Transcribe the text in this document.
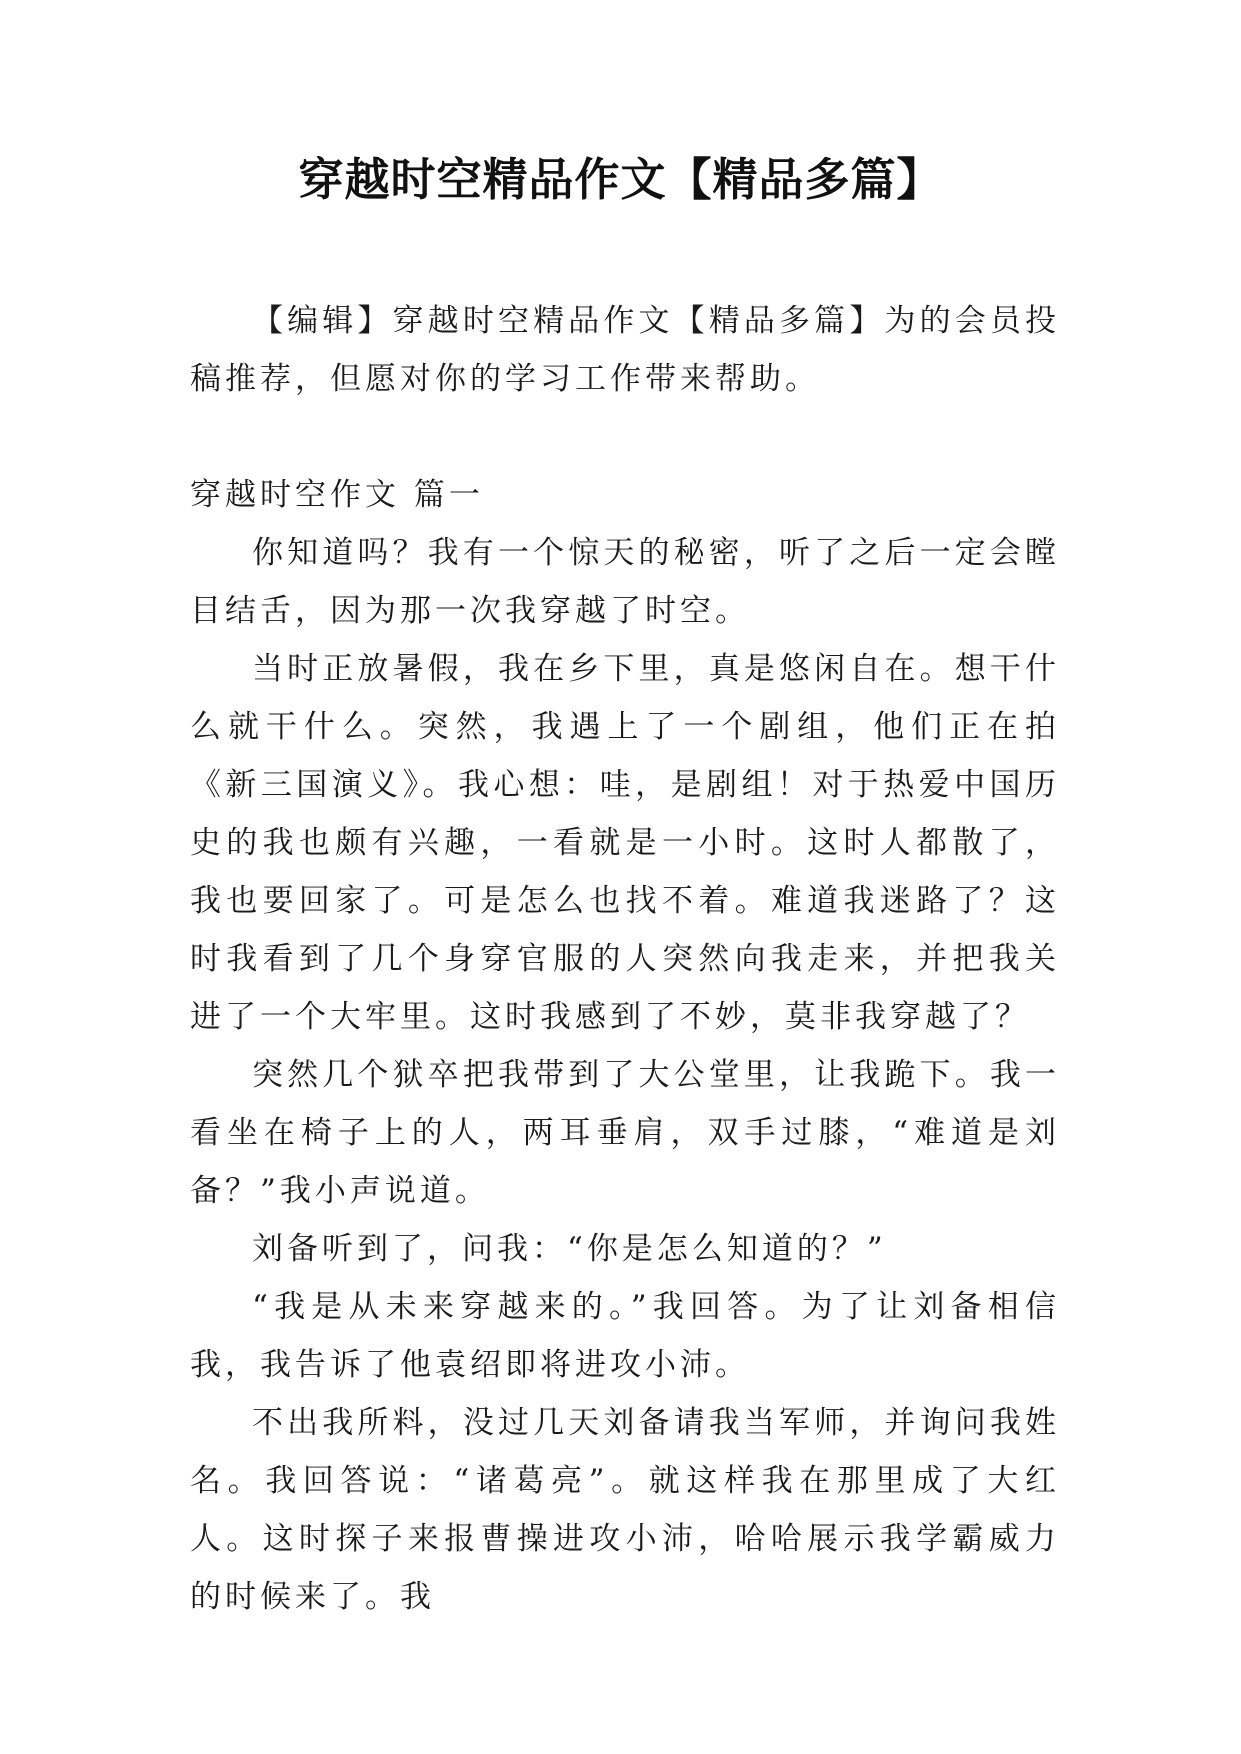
穿越时空精品作文【精品多篇】

【编辑】穿越时空精品作文【精品多篇】为的会员投稿推荐，但愿对你的学习工作带来帮助。

穿越时空作文 篇一

你知道吗？我有一个惊天的秘密，听了之后一定会瞠目结舌，因为那一次我穿越了时空。

当时正放暑假，我在乡下里，真是悠闲自在。想干什么就干什么。突然，我遇上了一个剧组，他们正在拍《新三国演义》。我心想：哇，是剧组！对于热爱中国历史的我也颇有兴趣，一看就是一小时。这时人都散了，我也要回家了。可是怎么也找不着。难道我迷路了？这时我看到了几个身穿官服的人突然向我走来，并把我关进了一个大牢里。这时我感到了不妙，莫非我穿越了？

突然几个狱卒把我带到了大公堂里，让我跪下。我一看坐在椅子上的人，两耳垂肩，双手过膝，“难道是刘备？”我小声说道。

刘备听到了，问我：“你是怎么知道的？”

“我是从未来穿越来的。”我回答。为了让刘备相信我，我告诉了他袁绍即将进攻小沛。

不出我所料，没过几天刘备请我当军师，并询问我姓名。我回答说：“诸葛亮”。就这样我在那里成了大红人。这时探子来报曹操进攻小沛，哈哈展示我学霸威力的时候来了。我
